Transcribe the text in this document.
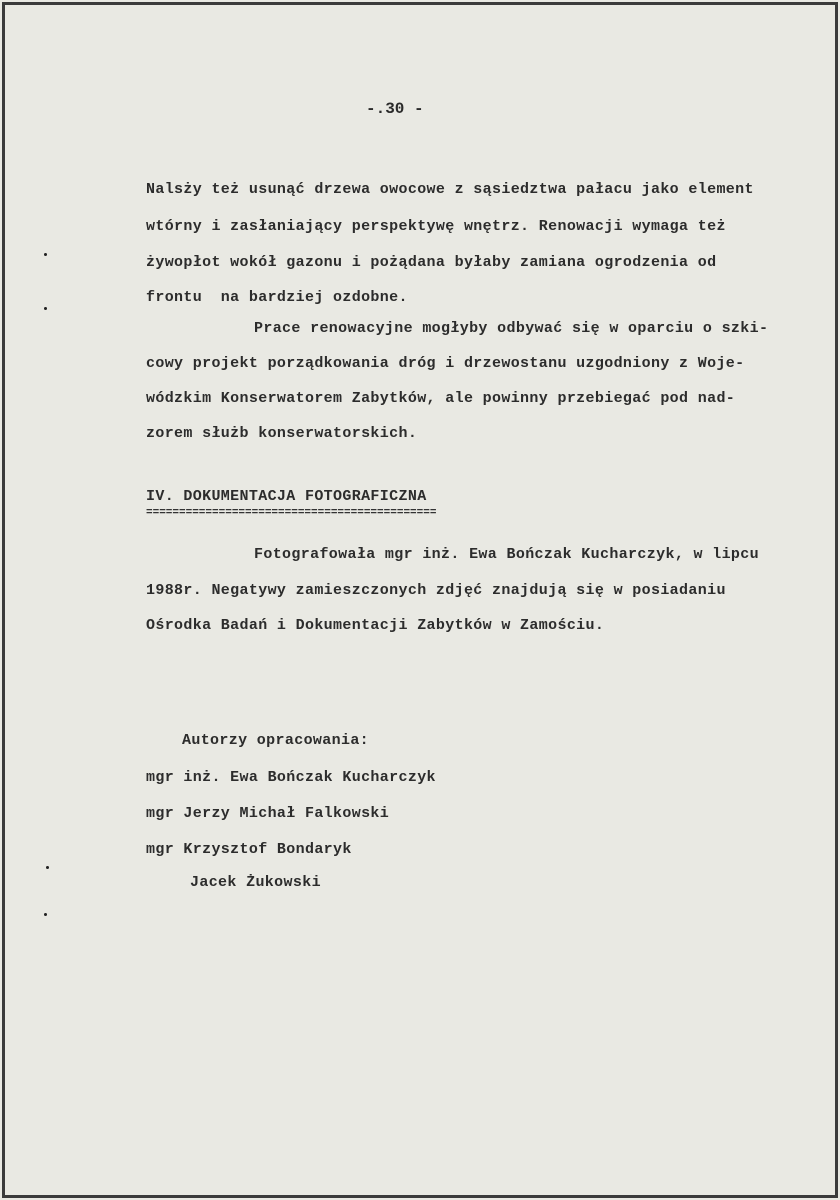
-.30 -
Nalsży też usunąć drzewa owocowe z sąsiedztwa pałacu jako element
wtórny i zasłaniający perspektywę wnętrz. Renowacji wymaga też
żywopłot wokół gazonu i pożądana byłaby zamiana ogrodzenia od
frontu  na bardziej ozdobne.
Prace renowacyjne mogłyby odbywać się w oparciu o szki-
cowy projekt porządkowania dróg i drzewostanu uzgodniony z Woje-
wódzkim Konserwatorem Zabytków, ale powinny przebiegać pod nad-
zorem służb konserwatorskich.
IV. DOKUMENTACJA FOTOGRAFICZNA
============================================
Fotografowała mgr inż. Ewa Bończak Kucharczyk, w lipcu
1988r. Negatywy zamieszczonych zdjęć znajdują się w posiadaniu
Ośrodka Badań i Dokumentacji Zabytków w Zamościu.
Autorzy opracowania:
mgr inż. Ewa Bończak Kucharczyk
mgr Jerzy Michał Falkowski
mgr Krzysztof Bondaryk
Jacek Żukowski
